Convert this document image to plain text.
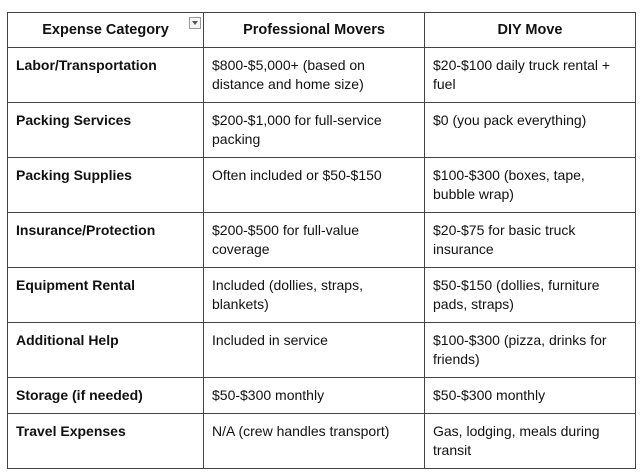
Expense Category	Professional Movers	DIY Move
Labor/Transportation	$800-$5,000+ (based on distance and home size)	$20-$100 daily truck rental + fuel
Packing Services	$200-$1,000 for full-service packing	$0 (you pack everything)
Packing Supplies	Often included or $50-$150	$100-$300 (boxes, tape, bubble wrap)
Insurance/Protection	$200-$500 for full-value coverage	$20-$75 for basic truck insurance
Equipment Rental	Included (dollies, straps, blankets)	$50-$150 (dollies, furniture pads, straps)
Additional Help	Included in service	$100-$300 (pizza, drinks for friends)
Storage (if needed)	$50-$300 monthly	$50-$300 monthly
Travel Expenses	N/A (crew handles transport)	Gas, lodging, meals during transit
